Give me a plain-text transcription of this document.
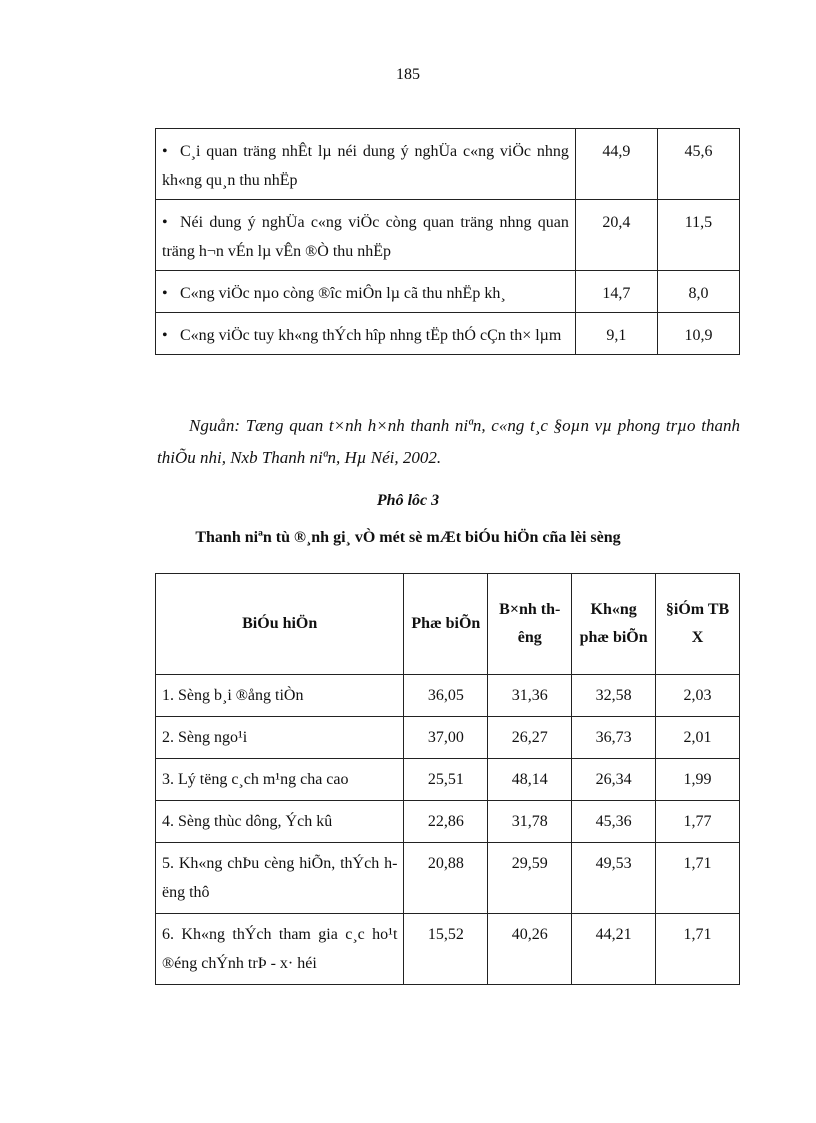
185
• C¸i quan träng nhÊt lµ néi dung ý nghÜa c«ng viÖc nhng kh«ng qu¸n thu nhËp	44,9	45,6
• Néi dung ý nghÜa c«ng viÖc còng quan träng nhng quan träng h¬n vÉn lµ vÊn ®Ò thu nhËp	20,4	11,5
• C«ng viÖc nµo còng ®îc miÔn lµ cã thu nhËp kh¸	14,7	8,0
• C«ng viÖc tuy kh«ng thÝch hîp nhng tËp thÓ cÇn th× lµm	9,1	10,9
Nguån: Tæng quan t×nh h×nh thanh niªn, c«ng t¸c §oµn vµ phong trµo thanh thiÕu nhi, Nxb Thanh niªn, Hµ Néi, 2002.
Phô lôc 3
Thanh niªn tù ®¸nh gi¸ vÒ mét sè mÆt biÓu hiÖn cña lèi sèng
BiÓu hiÖn	Phæ biÕn	B×nh thêng	Kh«ng phæ biÕn	§iÓm TB X
1. Sèng b¸i ®ång tiÒn	36,05	31,36	32,58	2,03
2. Sèng ngo¹i	37,00	26,27	36,73	2,01
3. Lý tëng c¸ch m¹ng cha cao	25,51	48,14	26,34	1,99
4. Sèng thùc dông, Ých kû	22,86	31,78	45,36	1,77
5. Kh«ng chÞu cèng hiÕn, thÝch hëng thô	20,88	29,59	49,53	1,71
6. Kh«ng thÝch tham gia c¸c ho¹t ®éng chÝnh trÞ - x· héi	15,52	40,26	44,21	1,71
